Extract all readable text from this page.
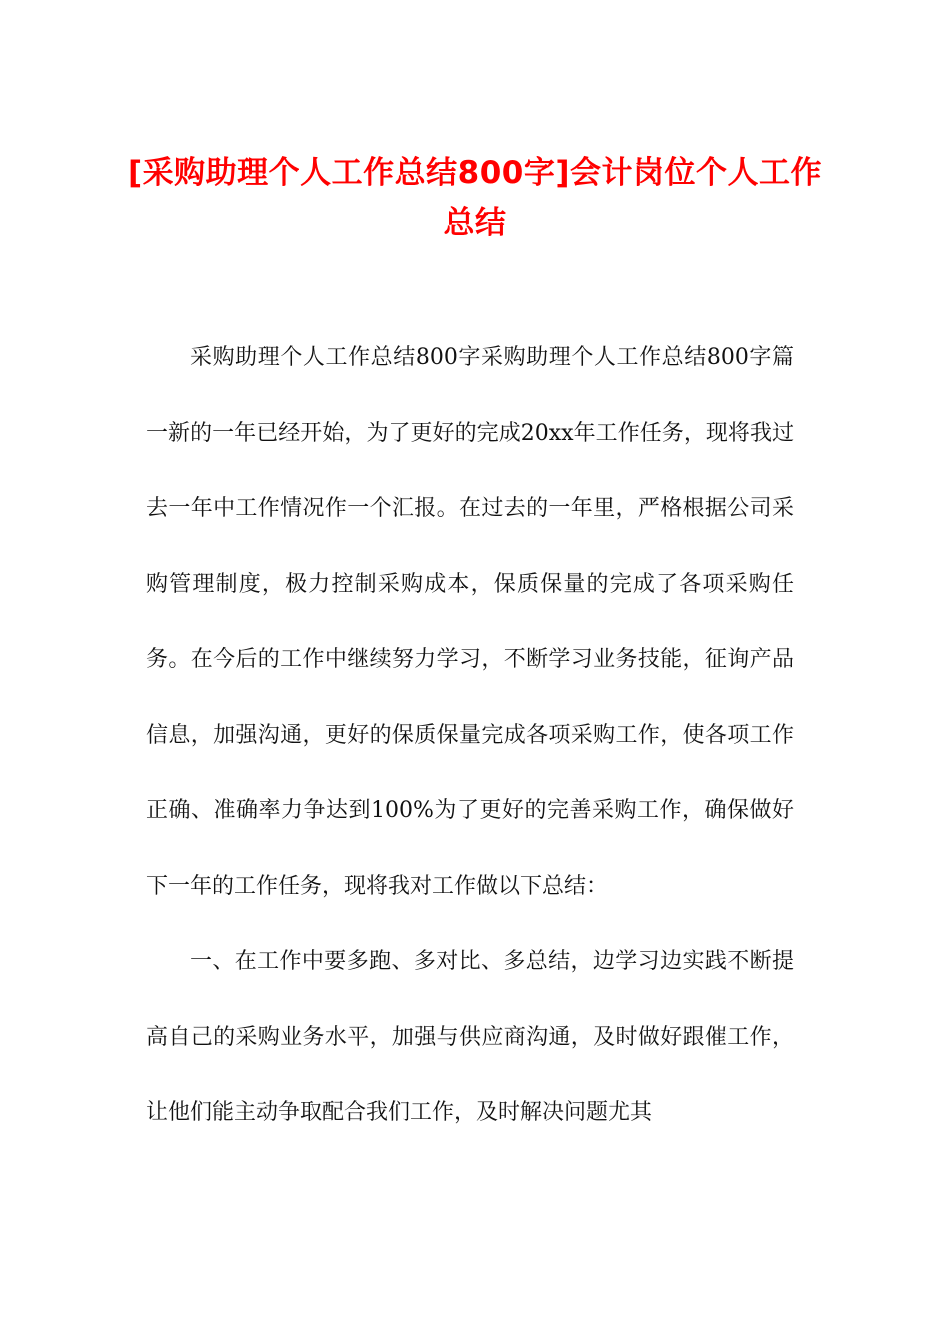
[采购助理个人工作总结800字]会计岗位个人工作总结

采购助理个人工作总结800字采购助理个人工作总结800字篇一新的一年已经开始，为了更好的完成20xx年工作任务，现将我过去一年中工作情况作一个汇报。在过去的一年里，严格根据公司采购管理制度，极力控制采购成本，保质保量的完成了各项采购任务。在今后的工作中继续努力学习，不断学习业务技能，征询产品信息，加强沟通，更好的保质保量完成各项采购工作，使各项工作正确、准确率力争达到100%为了更好的完善采购工作，确保做好下一年的工作任务，现将我对工作做以下总结：

一、在工作中要多跑、多对比、多总结，边学习边实践不断提高自己的采购业务水平，加强与供应商沟通，及时做好跟催工作，让他们能主动争取配合我们工作，及时解决问题尤其
